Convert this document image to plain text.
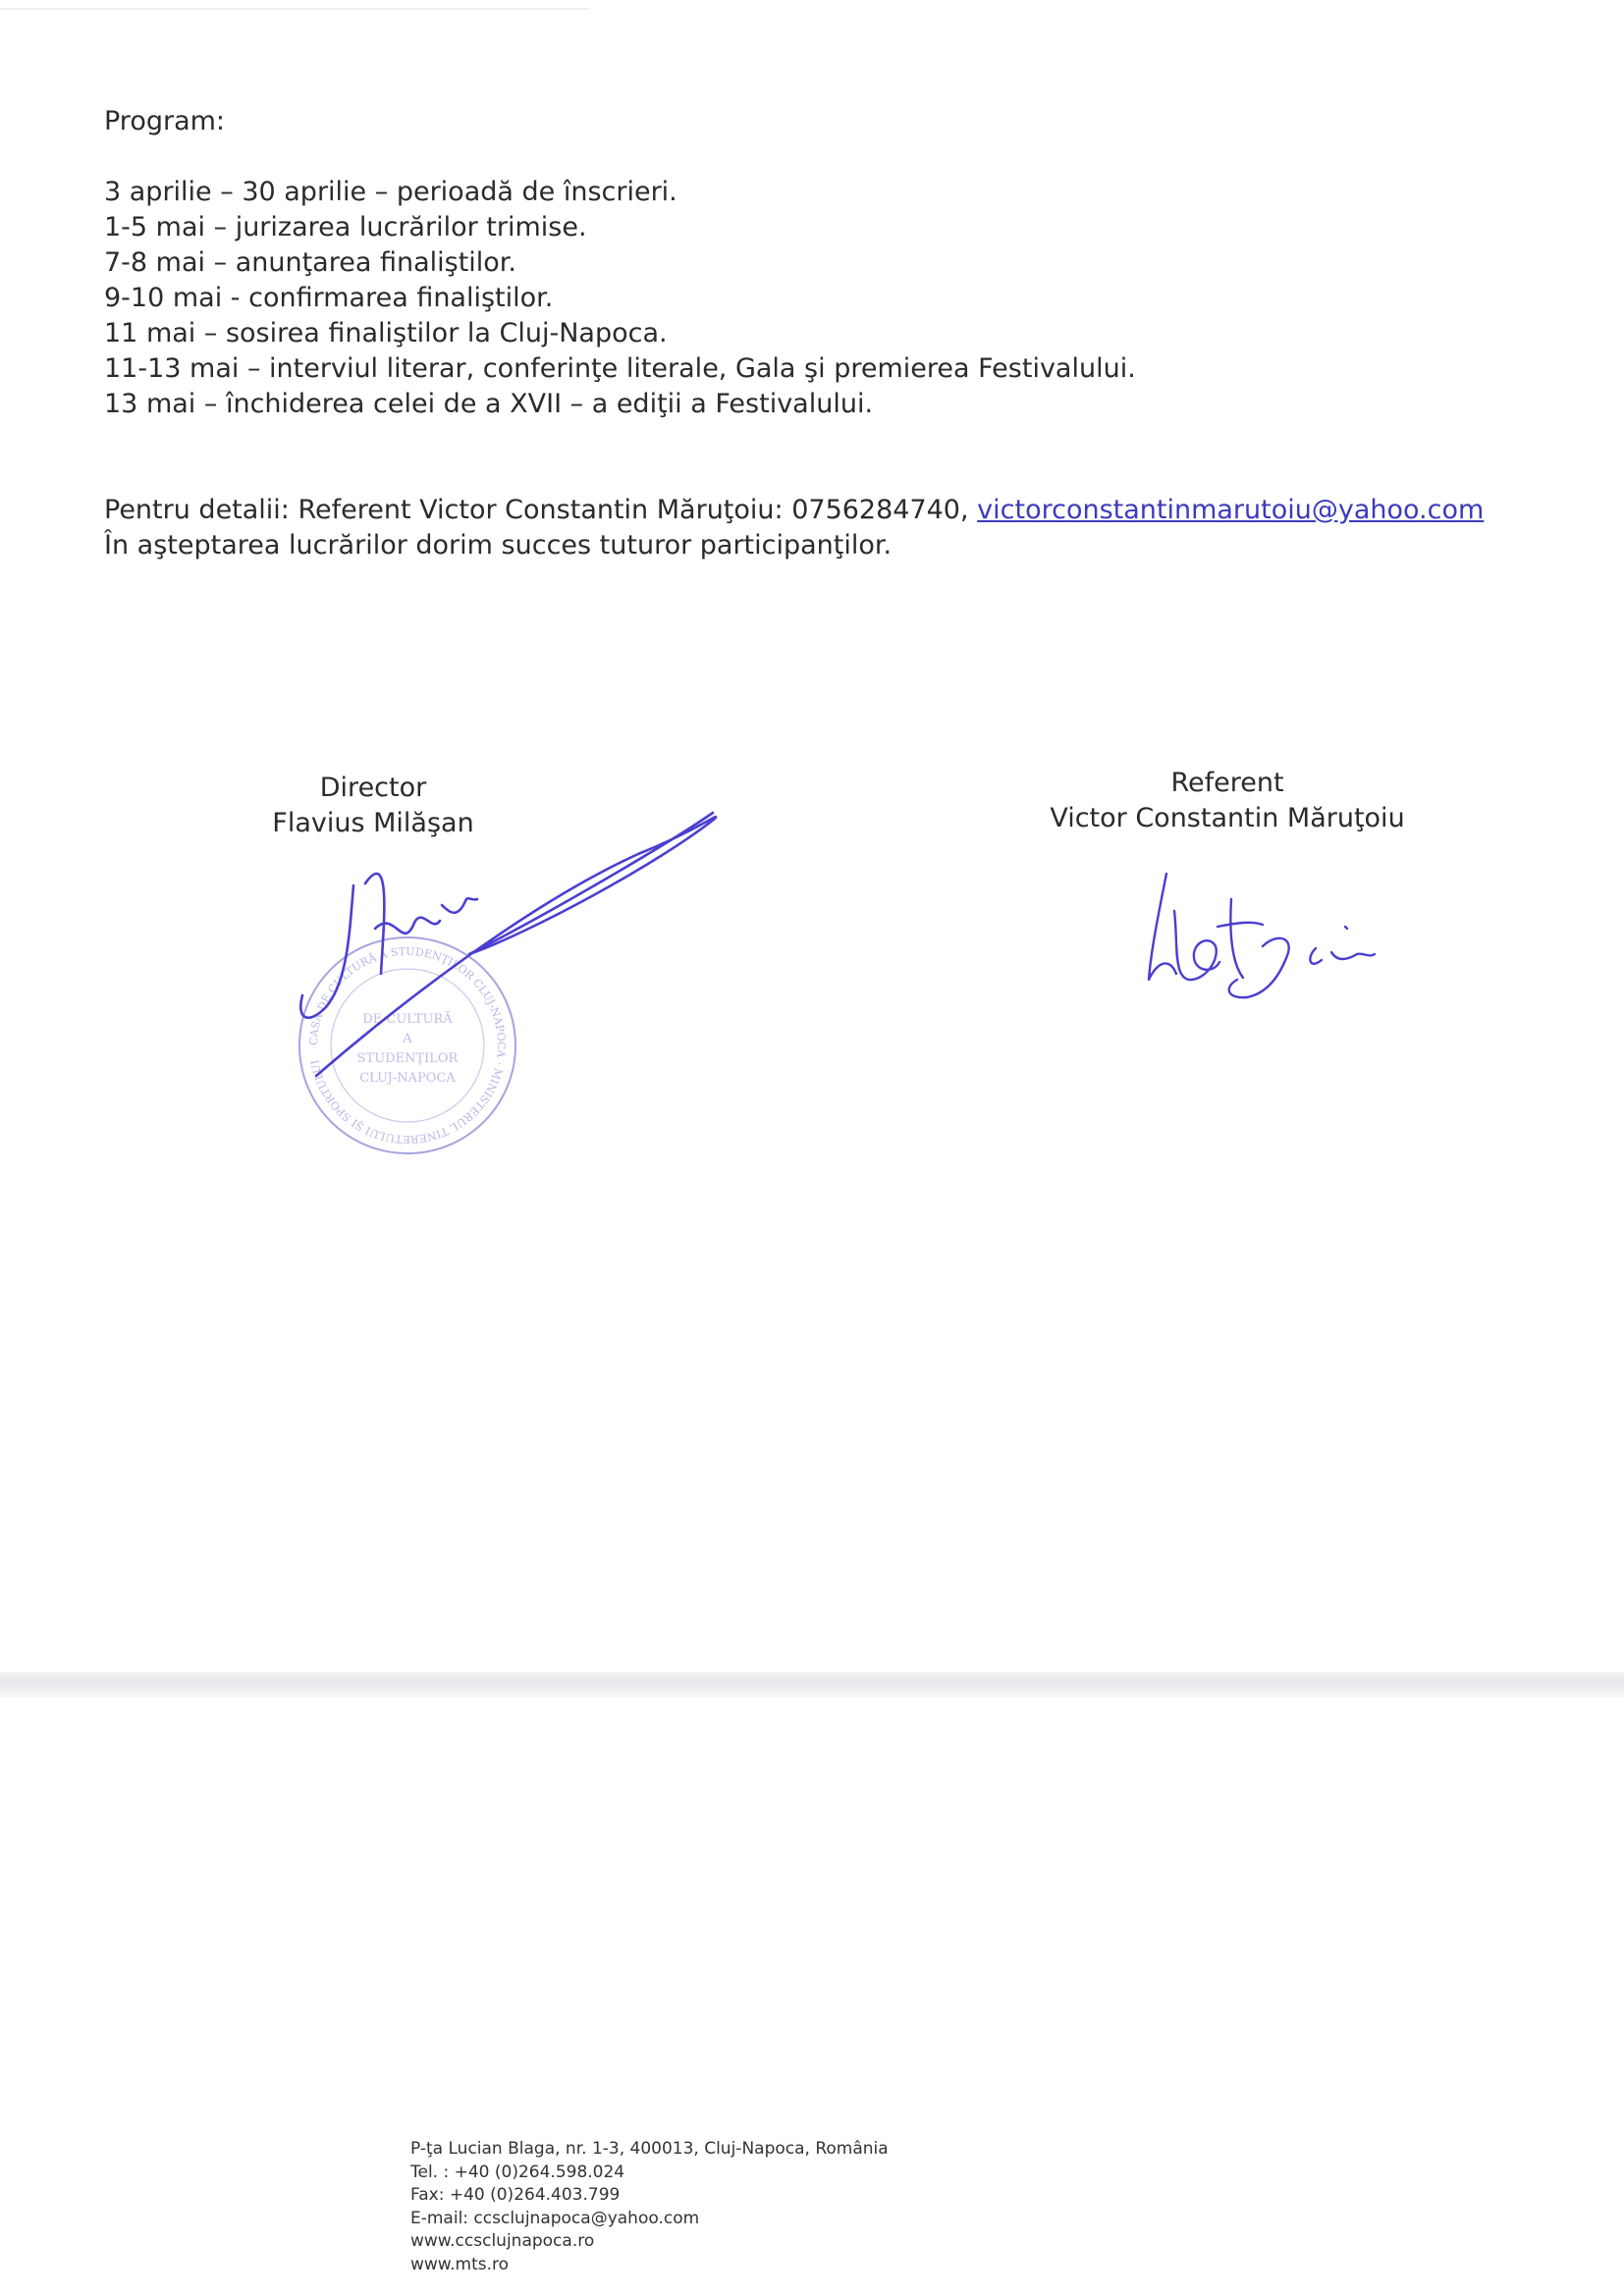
Program:

3 aprilie – 30 aprilie – perioadă de înscrieri.
1-5 mai – jurizarea lucrărilor trimise.
7-8 mai – anunţarea finaliştilor.
9-10 mai - confirmarea finaliştilor.
11 mai – sosirea finaliştilor la Cluj-Napoca.
11-13 mai – interviul literar, conferinţe literale, Gala şi premierea Festivalului.
13 mai – închiderea celei de a XVII – a ediţii a Festivalului.
Pentru detalii: Referent Victor Constantin Măruţoiu: 0756284740, victorconstantinmarutoiu@yahoo.com
În aşteptarea lucrărilor dorim succes tuturor participanţilor.
Director
Flavius Milăşan
Referent
Victor Constantin Măruţoiu
CASA DE CULTURĂ A STUDENŢILOR CLUJ-NAPOCA · MINISTERUL TINERETULUI ŞI SPORTULUI
DE CULTURĂ
A
STUDENŢILOR
CLUJ-NAPOCA
P-ţa Lucian Blaga, nr. 1-3, 400013, Cluj-Napoca, România
Tel. : +40 (0)264.598.024
Fax: +40 (0)264.403.799
E-mail: ccsclujnapoca@yahoo.com
www.ccsclujnapoca.ro
www.mts.ro
